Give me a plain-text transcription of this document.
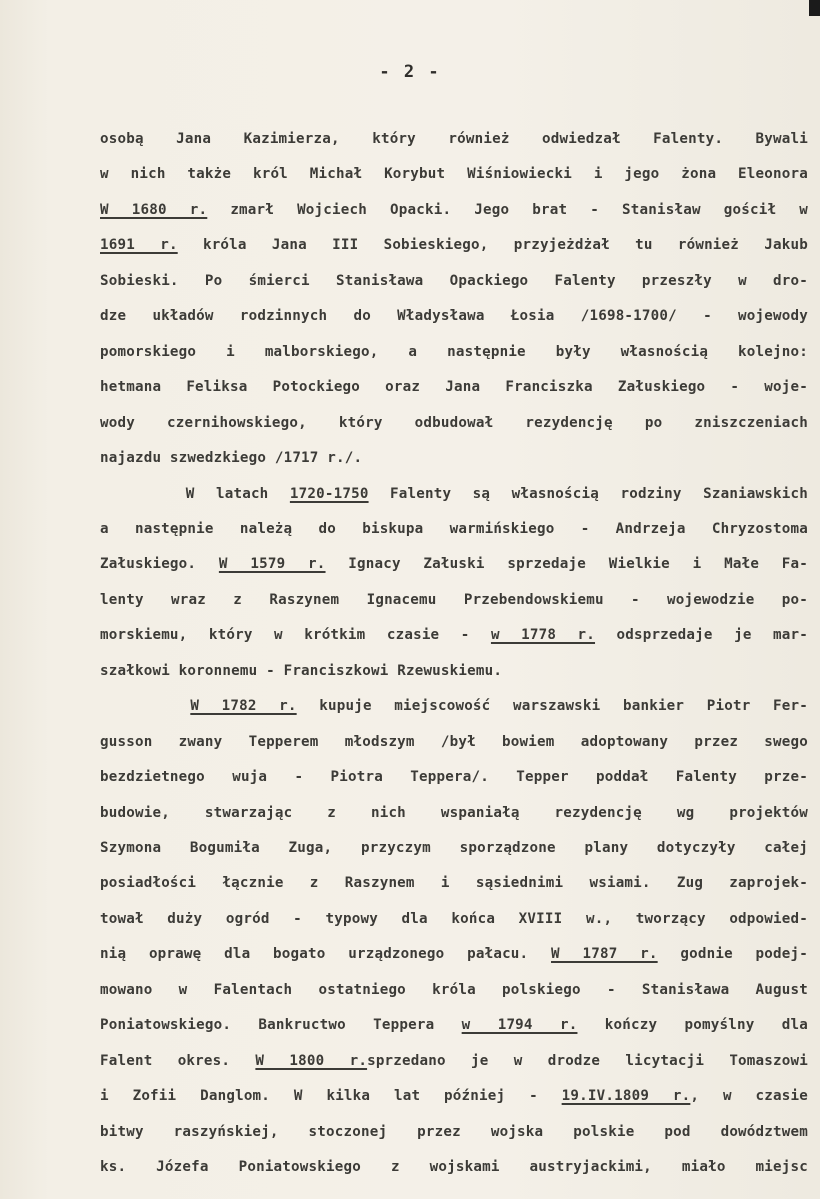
- 2 -
osobą Jana Kazimierza, który również odwiedzał Falenty. Bywali
w nich także król Michał Korybut Wiśniowiecki i jego żona Eleonora
W 1680 r. zmarł Wojciech Opacki. Jego brat - Stanisław gościł w
1691 r. króla Jana III Sobieskiego, przyjeżdżał tu również Jakub
Sobieski. Po śmierci Stanisława Opackiego Falenty przeszły w dro-
dze układów rodzinnych do Władysława Łosia /1698-1700/ - wojewody
pomorskiego i malborskiego, a następnie były własnością kolejno:
hetmana Feliksa Potockiego oraz Jana Franciszka Załuskiego - woje-
wody czernihowskiego, który odbudował rezydencję po zniszczeniach
najazdu szwedzkiego /1717 r./.
W latach 1720-1750 Falenty są własnością rodziny Szaniawskich
a następnie należą do biskupa warmińskiego - Andrzeja Chryzostoma
Załuskiego. W 1579 r. Ignacy Załuski sprzedaje Wielkie i Małe Fa-
lenty wraz z Raszynem Ignacemu Przebendowskiemu - wojewodzie po-
morskiemu, który w krótkim czasie - w 1778 r. odsprzedaje je mar-
szałkowi koronnemu - Franciszkowi Rzewuskiemu.
W 1782 r. kupuje miejscowość warszawski bankier Piotr Fer-
gusson zwany Tepperem młodszym /był bowiem adoptowany przez swego
bezdzietnego wuja - Piotra Teppera/. Tepper poddał Falenty prze-
budowie, stwarzając z nich wspaniałą rezydencję wg projektów
Szymona Bogumiła Zuga, przyczym sporządzone plany dotyczyły całej
posiadłości łącznie z Raszynem i sąsiednimi wsiami. Zug zaprojek-
tował duży ogród - typowy dla końca XVIII w., tworzący odpowied-
nią oprawę dla bogato urządzonego pałacu. W 1787 r. godnie podej-
mowano w Falentach ostatniego króla polskiego - Stanisława August
Poniatowskiego. Bankructwo Teppera w 1794 r. kończy pomyślny dla
Falent okres. W 1800 r.sprzedano je w drodze licytacji Tomaszowi
i Zofii Danglom. W kilka lat później - 19.IV.1809 r., w czasie
bitwy raszyńskiej, stoczonej przez wojska polskie pod dowództwem
ks. Józefa Poniatowskiego z wojskami austryjackimi, miało miejsc
